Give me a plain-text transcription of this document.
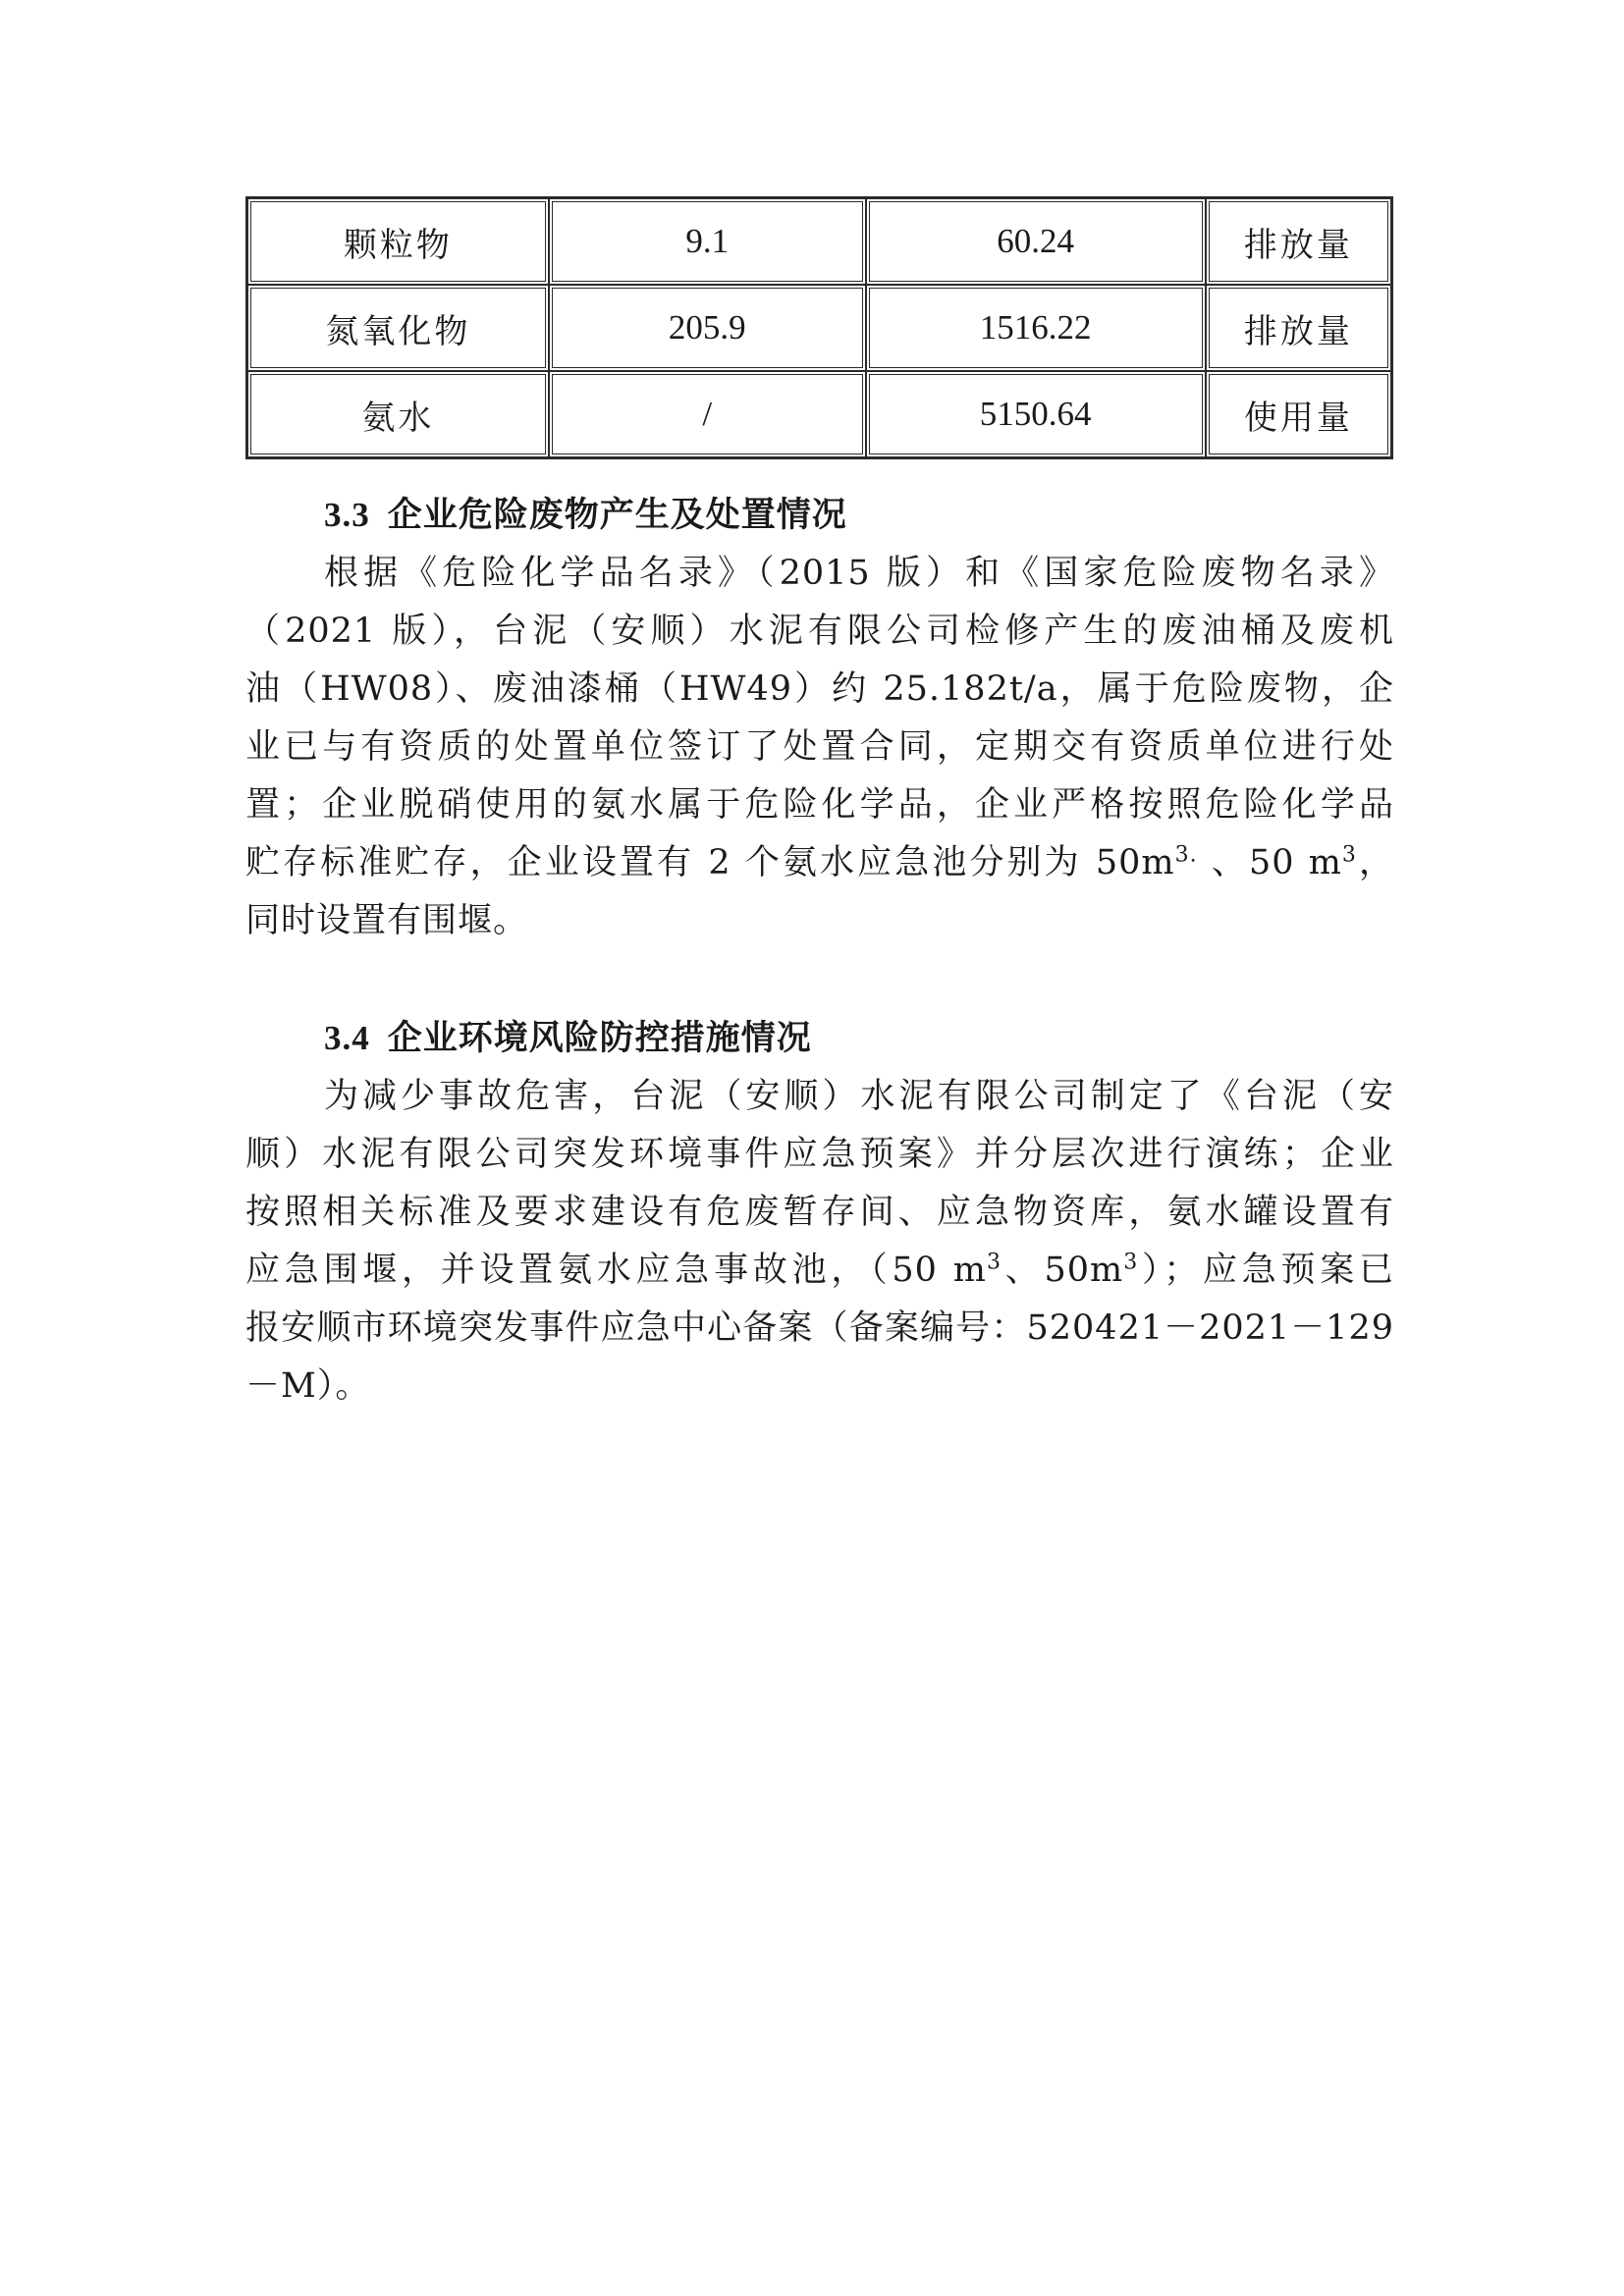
颗粒物	9.1	60.24	排放量
氮氧化物	205.9	1516.22	排放量
氨水	/	5150.64	使用量
3.3 企业危险废物产生及处置情况
根据《危险化学品名录》（2015 版）和《国家危险废物名录》
（2021 版），台泥（安顺）水泥有限公司检修产生的废油桶及废机
油（HW08）、废油漆桶（HW49）约 25.182t/a，属于危险废物，企
业已与有资质的处置单位签订了处置合同，定期交有资质单位进行处
置；企业脱硝使用的氨水属于危险化学品，企业严格按照危险化学品
贮存标准贮存，企业设置有 2 个氨水应急池分别为 $50m^{3.}$ 、50 $m^3$，
同时设置有围堰。
3.4 企业环境风险防控措施情况
为减少事故危害，台泥（安顺）水泥有限公司制定了《台泥（安
顺）水泥有限公司突发环境事件应急预案》并分层次进行演练；企业
按照相关标准及要求建设有危废暂存间、应急物资库，氨水罐设置有
应急围堰，并设置氨水应急事故池，（50 $m^3$、$50m^3$）；应急预案已
报安顺市环境突发事件应急中心备案（备案编号：520421－2021－129
－M）。
